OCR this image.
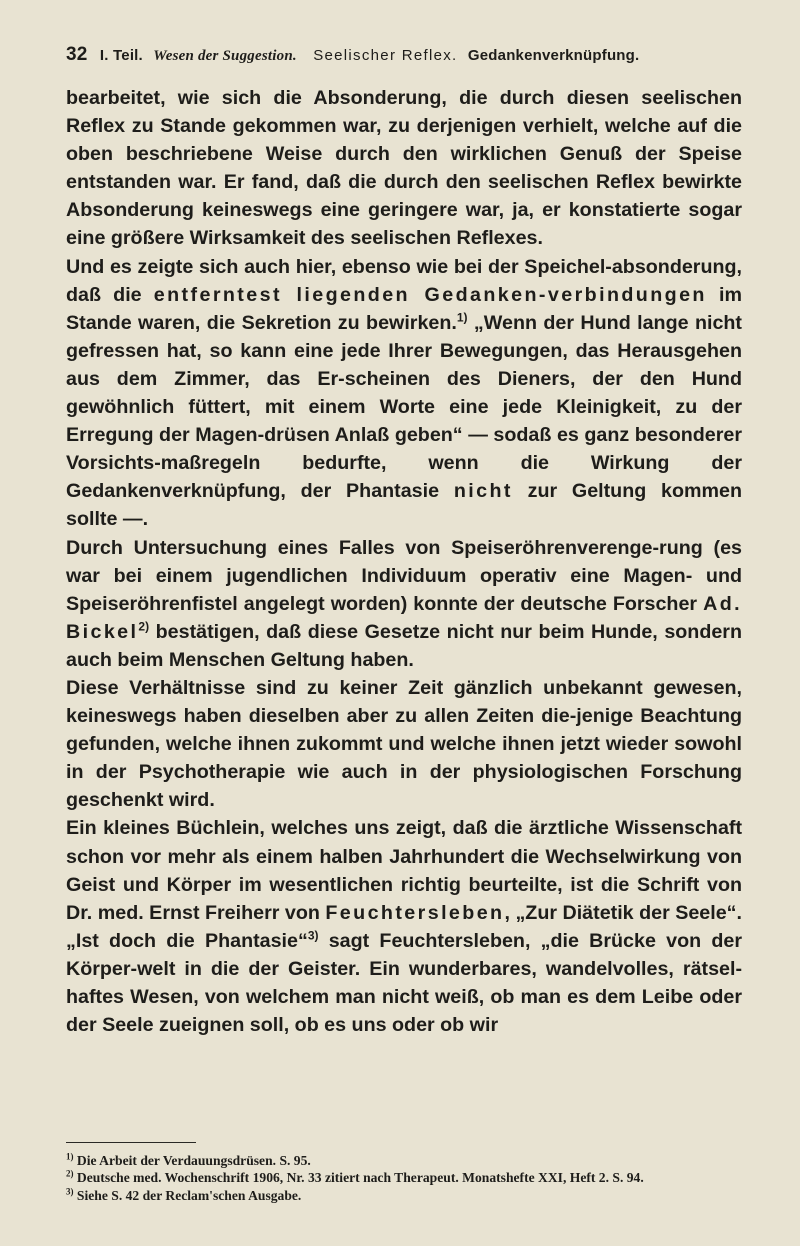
32 I. Teil. Wesen der Suggestion. Seelischer Reflex. Gedankenverknüpfung.

bearbeitet, wie sich die Absonderung, die durch diesen seelischen Reflex zu Stande gekommen war, zu derjenigen verhielt, welche auf die oben beschriebene Weise durch den wirklichen Genuß der Speise entstanden war. Er fand, daß die durch den seelischen Reflex bewirkte Absonderung keineswegs eine geringere war, ja, er konstatierte sogar eine größere Wirksamkeit des seelischen Reflexes.

Und es zeigte sich auch hier, ebenso wie bei der Speichel-absonderung, daß die entferntest liegenden Gedanken-verbindungen im Stande waren, die Sekretion zu bewirken.$^{1)}$ „Wenn der Hund lange nicht gefressen hat, so kann eine jede Ihrer Bewegungen, das Herausgehen aus dem Zimmer, das Er-scheinen des Dieners, der den Hund gewöhnlich füttert, mit einem Worte eine jede Kleinigkeit, zu der Erregung der Magen-drüsen Anlaß geben“ — sodaß es ganz besonderer Vorsichts-maßregeln bedurfte, wenn die Wirkung der Gedankenverknüpfung, der Phantasie nicht zur Geltung kommen sollte —.

Durch Untersuchung eines Falles von Speiseröhrenverenge-rung (es war bei einem jugendlichen Individuum operativ eine Magen- und Speiseröhrenfistel angelegt worden) konnte der deutsche Forscher Ad. Bickel$^{2)}$ bestätigen, daß diese Gesetze nicht nur beim Hunde, sondern auch beim Menschen Geltung haben.

Diese Verhältnisse sind zu keiner Zeit gänzlich unbekannt gewesen, keineswegs haben dieselben aber zu allen Zeiten die-jenige Beachtung gefunden, welche ihnen zukommt und welche ihnen jetzt wieder sowohl in der Psychotherapie wie auch in der physiologischen Forschung geschenkt wird.

Ein kleines Büchlein, welches uns zeigt, daß die ärztliche Wissenschaft schon vor mehr als einem halben Jahrhundert die Wechselwirkung von Geist und Körper im wesentlichen richtig beurteilte, ist die Schrift von Dr. med. Ernst Freiherr von Feuchtersleben, „Zur Diätetik der Seele“. „Ist doch die Phantasie“$^{3)}$ sagt Feuchtersleben, „die Brücke von der Körper-welt in die der Geister. Ein wunderbares, wandelvolles, rätsel-haftes Wesen, von welchem man nicht weiß, ob man es dem Leibe oder der Seele zueignen soll, ob es uns oder ob wir

$^{1)}$ Die Arbeit der Verdauungsdrüsen. S. 95.

$^{2)}$ Deutsche med. Wochenschrift 1906, Nr. 33 zitiert nach Therapeut. Monatshefte XXI, Heft 2. S. 94.

$^{3)}$ Siehe S. 42 der Reclam'schen Ausgabe.
